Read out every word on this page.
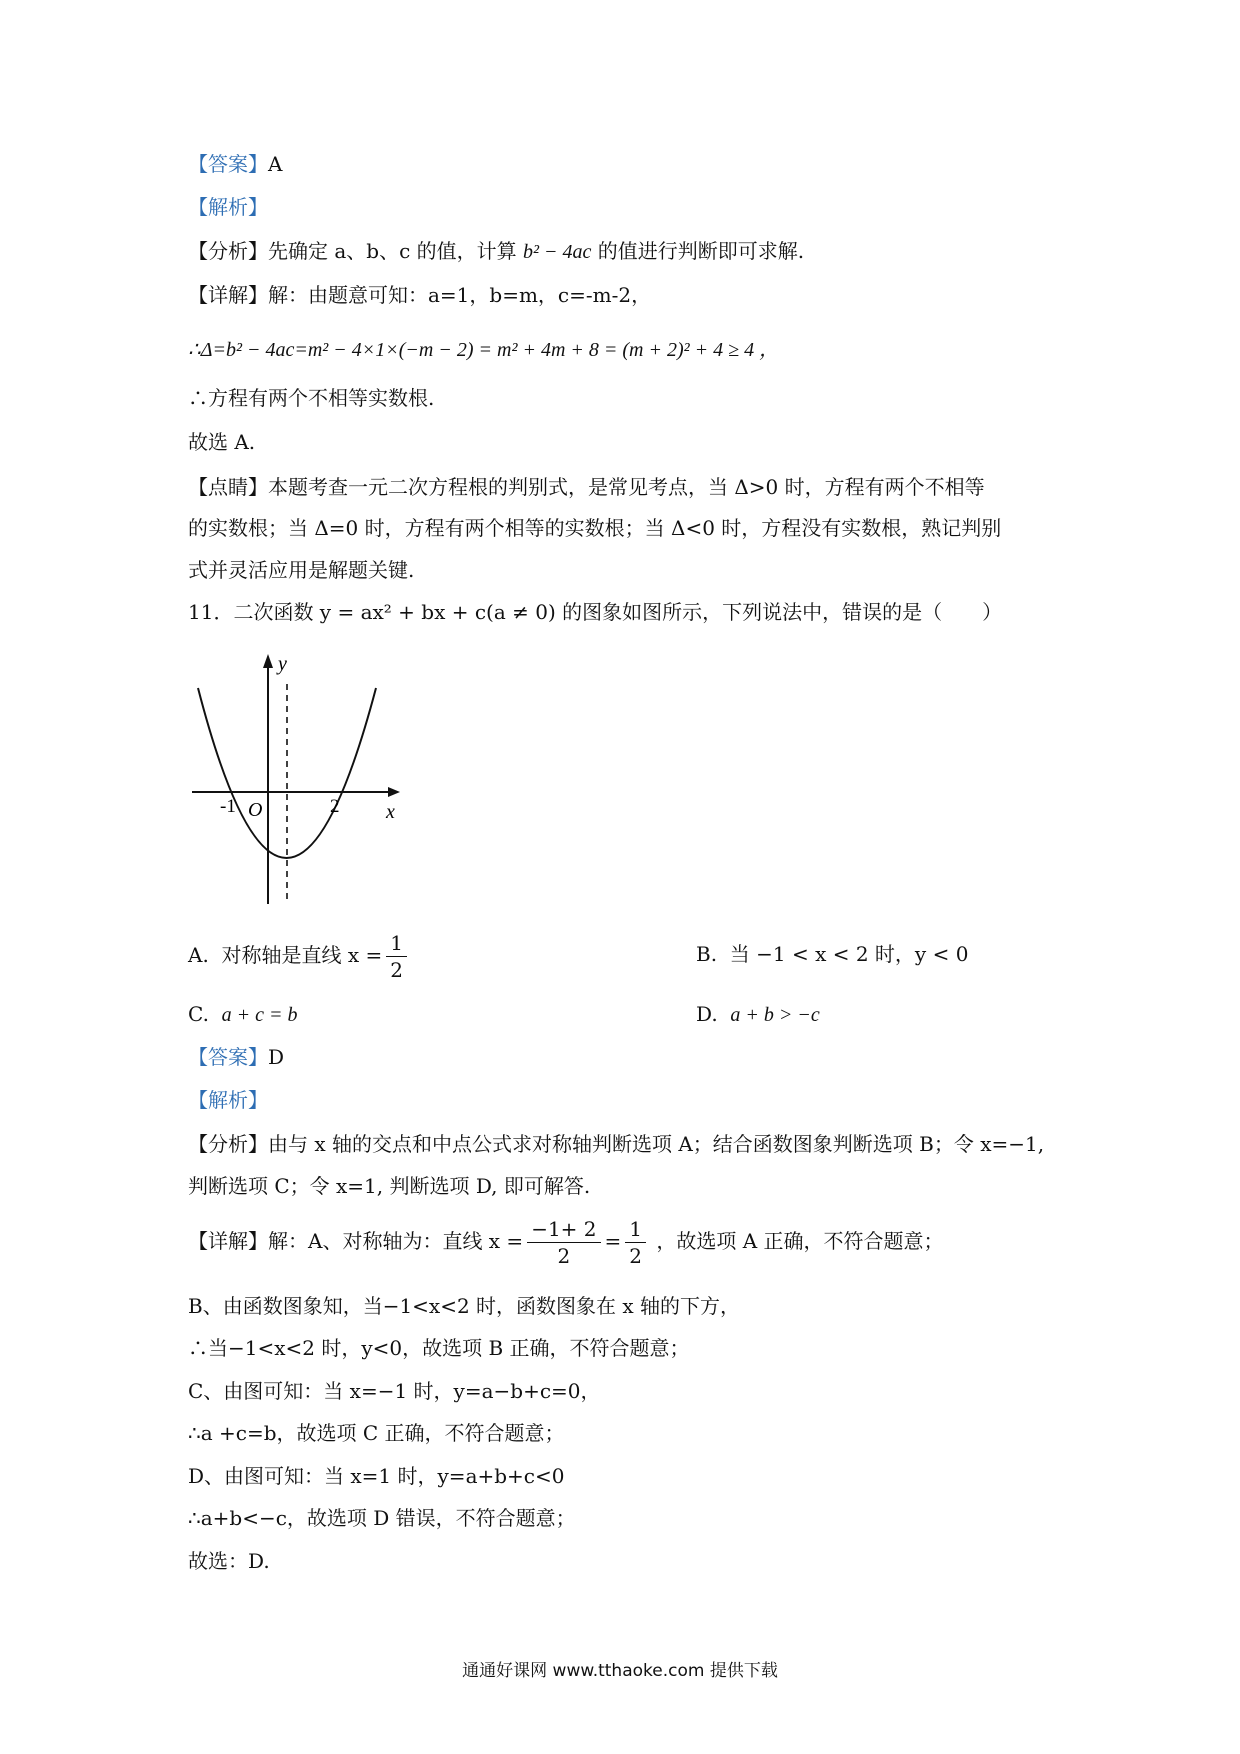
【答案】A
【解析】
【分析】先确定 a、b、c 的值，计算 b² − 4ac 的值进行判断即可求解.
【详解】解：由题意可知：a=1，b=m，c=-m-2，
∴Δ=b² − 4ac=m² − 4×1×(−m − 2) = m² + 4m + 8 = (m + 2)² + 4 ≥ 4 ，
∴方程有两个不相等实数根.
故选 A.
【点睛】本题考查一元二次方程根的判别式，是常见考点，当 Δ>0 时，方程有两个不相等
的实数根；当 Δ=0 时，方程有两个相等的实数根；当 Δ<0 时，方程没有实数根，熟记判别
式并灵活应用是解题关键.
11．二次函数 y = ax² + bx + c(a ≠ 0) 的图象如图所示，下列说法中，错误的是（　　）
y
x
O
-1	2
A. 对称轴是直线 $x = \frac{1}{2}$	B. 当 −1 < x < 2 时，y < 0
C. a + c = b	D. a + b > −c
【答案】D
【解析】
【分析】由与 x 轴的交点和中点公式求对称轴判断选项 A；结合函数图象判断选项 B；令 x=−1,
判断选项 C；令 x=1, 判断选项 D, 即可解答.
【详解】解：A、对称轴为：直线 $x = \frac{-1+ 2}{2} = \frac{1}{2}$ ，故选项 A 正确，不符合题意；
B、由函数图象知，当−1<x<2 时，函数图象在 x 轴的下方，
∴当−1<x<2 时，y<0，故选项 B 正确，不符合题意；
C、由图可知：当 x=−1 时，y=a−b+c=0，
∴a +c=b，故选项 C 正确，不符合题意；
D、由图可知：当 x=1 时，y=a+b+c<0
∴a+b<−c，故选项 D 错误，不符合题意；
故选：D.
通通好课网 www.tthaoke.com 提供下载
